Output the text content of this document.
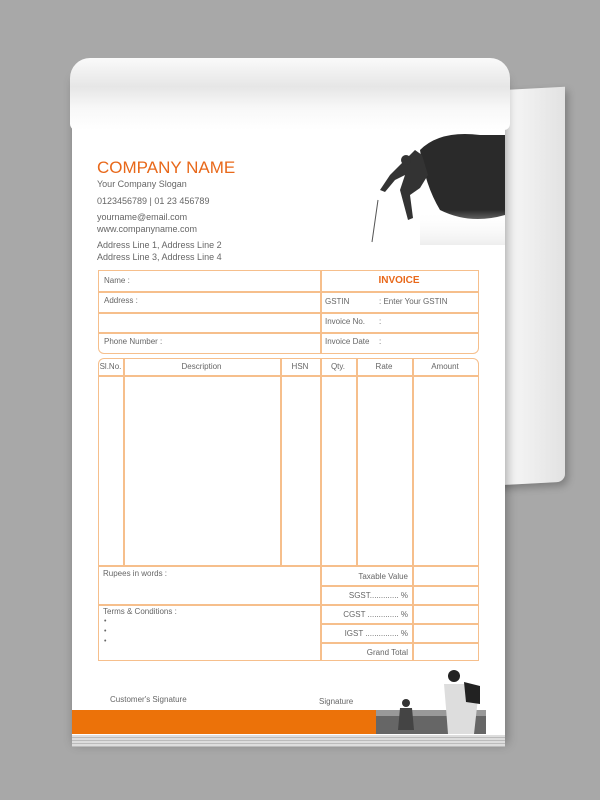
COMPANY NAME
Your Company Slogan
0123456789 | 01 23 456789
yourname@email.com
www.companyname.com
Address Line 1, Address Line 2
Address Line 3, Address Line 4
Name :
Address :
Phone Number :
INVOICE
GSTIN	: Enter Your GSTIN
Invoice No. :
Invoice Date :
Sl.No.	Description	HSN	Qty.	Rate	Amount
Rupees in words :
Terms & Conditions :
•
•
•
Taxable Value
SGST............. %
CGST .............. %
IGST ............... %
Grand Total
Customer's Signature	Signature
